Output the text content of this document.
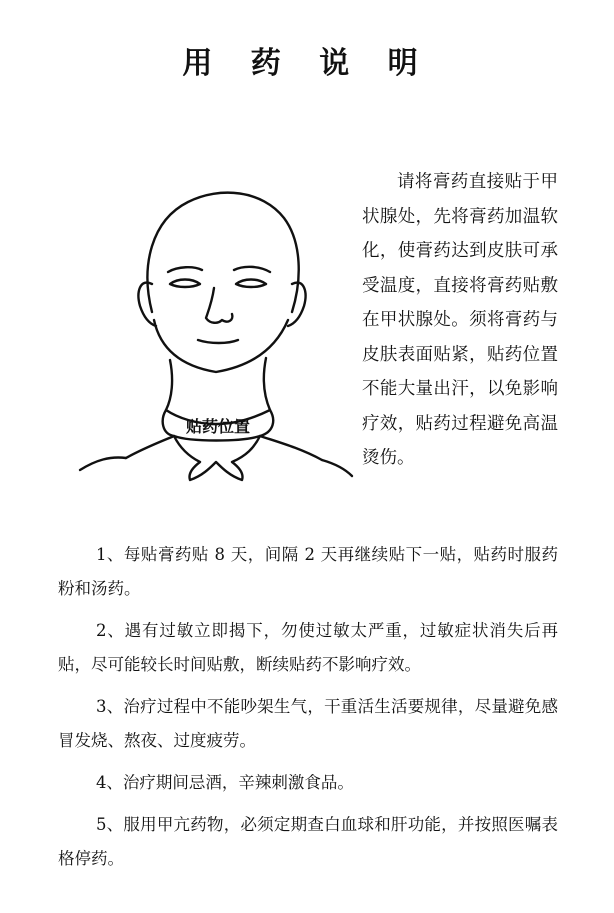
用 药 说 明
贴药位置

请将膏药直接贴于甲状腺处，先将膏药加温软化，使膏药达到皮肤可承受温度，直接将膏药贴敷在甲状腺处。须将膏药与皮肤表面贴紧，贴药位置不能大量出汗，以免影响疗效，贴药过程避免高温烫伤。

1、每贴膏药贴 8 天，间隔 2 天再继续贴下一贴，贴药时服药粉和汤药。

2、遇有过敏立即揭下，勿使过敏太严重，过敏症状消失后再贴，尽可能较长时间贴敷，断续贴药不影响疗效。

3、治疗过程中不能吵架生气，干重活生活要规律，尽量避免感冒发烧、熬夜、过度疲劳。

4、治疗期间忌酒，辛辣刺激食品。

5、服用甲亢药物，必须定期查白血球和肝功能，并按照医嘱表格停药。
